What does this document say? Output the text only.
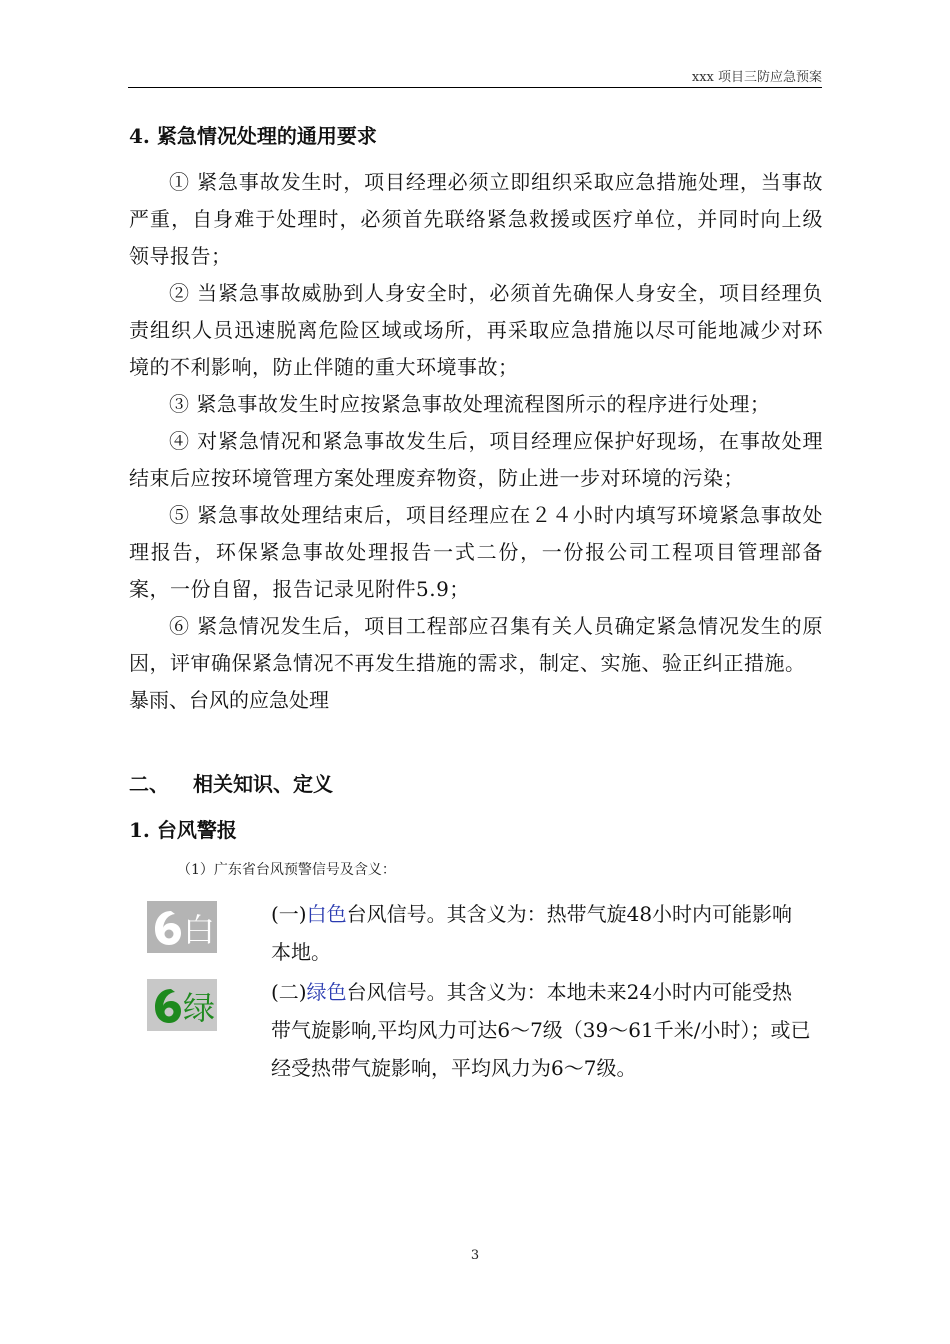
xxx 项目三防应急预案
4. 紧急情况处理的通用要求

① 紧急事故发生时，项目经理必须立即组织采取应急措施处理，当事故严重，自身难于处理时，必须首先联络紧急救援或医疗单位，并同时向上级领导报告；

② 当紧急事故威胁到人身安全时，必须首先确保人身安全，项目经理负责组织人员迅速脱离危险区域或场所，再采取应急措施以尽可能地减少对环境的不利影响，防止伴随的重大环境事故；

③ 紧急事故发生时应按紧急事故处理流程图所示的程序进行处理；

④ 对紧急情况和紧急事故发生后，项目经理应保护好现场，在事故处理结束后应按环境管理方案处理废弃物资，防止进一步对环境的污染；

⑤ 紧急事故处理结束后，项目经理应在２４小时内填写环境紧急事故处理报告，环保紧急事故处理报告一式二份，一份报公司工程项目管理部备案，一份自留，报告记录见附件5.9；

⑥ 紧急情况发生后，项目工程部应召集有关人员确定紧急情况发生的原因，评审确保紧急情况不再发生措施的需求，制定、实施、验正纠正措施。

暴雨、台风的应急处理

二、 相关知识、定义
1. 台风警报
（1）广东省台风预警信号及含义：
白	(一)白色台风信号。其含义为：热带气旋48小时内可能影响本地。
绿	(二)绿色台风信号。其含义为：本地未来24小时内可能受热带气旋影响,平均风力可达6～7级（39～61千米/小时）；或已经受热带气旋影响，平均风力为6～7级。
3
